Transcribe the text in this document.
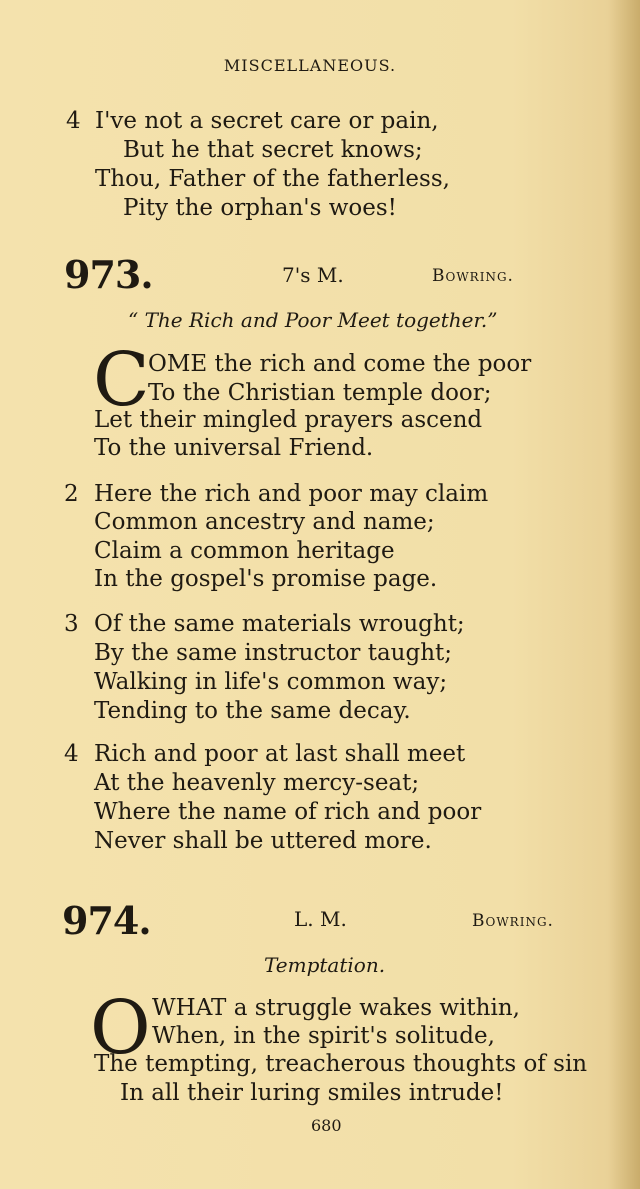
MISCELLANEOUS.
4 I've not a secret care or pain,
But he that secret knows;
Thou, Father of the fatherless,
Pity the orphan's woes!
973.	7's M.	Bowring.
“ The Rich and Poor Meet together.”
C
OME the rich and come the poor
To the Christian temple door;
Let their mingled prayers ascend
To the universal Friend.
2 Here the rich and poor may claim
Common ancestry and name;
Claim a common heritage
In the gospel's promise page.
3 Of the same materials wrought;
By the same instructor taught;
Walking in life's common way;
Tending to the same decay.
4 Rich and poor at last shall meet
At the heavenly mercy-seat;
Where the name of rich and poor
Never shall be uttered more.
974.	L. M.	Bowring.
Temptation.
O WHAT a struggle wakes within,
When, in the spirit's solitude,
The tempting, treacherous thoughts of sin
In all their luring smiles intrude!
680
